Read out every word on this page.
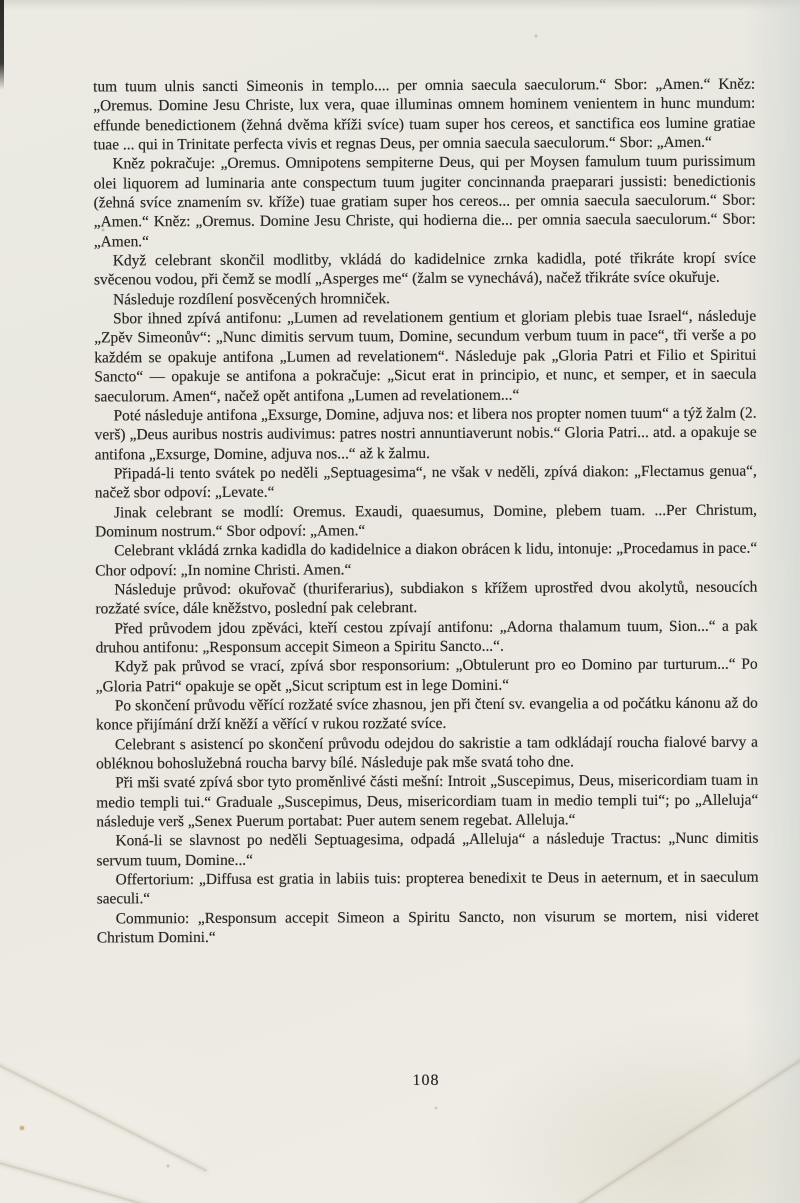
tum tuum ulnis sancti Simeonis in templo.... per omnia saecula saeculorum.“ Sbor: „Amen.“ Kněz: „Oremus. Domine Jesu Christe, lux vera, quae illuminas omnem hominem venientem in hunc mundum: effunde benedictionem (žehná dvěma kříži svíce) tuam super hos cereos, et sanctifica eos lumine gratiae tuae ... qui in Trinitate perfecta vivis et regnas Deus, per omnia saecula saeculorum.“ Sbor: „Amen.“

Kněz pokračuje: „Oremus. Omnipotens sempiterne Deus, qui per Moysen famulum tuum purissimum olei liquorem ad luminaria ante conspectum tuum jugiter concinnanda praeparari jussisti: benedictionis (žehná svíce znamením sv. kříže) tuae gratiam super hos cereos... per omnia saecula saeculorum.“ Sbor: „Amen.“ Kněz: „Oremus. Domine Jesu Christe, qui hodierna die... per omnia saecula saeculorum.“ Sbor: „Amen.“

Když celebrant skončil modlitby, vkládá do kadidelnice zrnka kadidla, poté třikráte kropí svíce svěcenou vodou, při čemž se modlí „Asperges me“ (žalm se vynechává), načež třikráte svíce okuřuje.

Následuje rozdílení posvěcených hromniček.

Sbor ihned zpívá antifonu: „Lumen ad revelationem gentium et gloriam plebis tuae Israel“, následuje „Zpěv Simeonův“: „Nunc dimitis servum tuum, Domine, secundum verbum tuum in pace“, tři verše a po každém se opakuje antifona „Lumen ad revelationem“. Následuje pak „Gloria Patri et Filio et Spiritui Sancto“ — opakuje se antifona a pokračuje: „Sicut erat in principio, et nunc, et semper, et in saecula saeculorum. Amen“, načež opět antifona „Lumen ad revelationem...“

Poté následuje antifona „Exsurge, Domine, adjuva nos: et libera nos propter nomen tuum“ a týž žalm (2. verš) „Deus auribus nostris audivimus: patres nostri annuntiaverunt nobis.“ Gloria Patri... atd. a opakuje se antifona „Exsurge, Domine, adjuva nos...“ až k žalmu.

Připadá-li tento svátek po neděli „Septuagesima“, ne však v neděli, zpívá diakon: „Flectamus genua“, načež sbor odpoví: „Levate.“

Jinak celebrant se modlí: Oremus. Exaudi, quaesumus, Domine, plebem tuam. ...Per Christum, Dominum nostrum.“ Sbor odpoví: „Amen.“

Celebrant vkládá zrnka kadidla do kadidelnice a diakon obrácen k lidu, intonuje: „Procedamus in pace.“ Chor odpoví: „In nomine Christi. Amen.“

Následuje průvod: okuřovač (thuriferarius), subdiakon s křížem uprostřed dvou akolytů, nesoucích rozžaté svíce, dále kněžstvo, poslední pak celebrant.

Před průvodem jdou zpěváci, kteří cestou zpívají antifonu: „Adorna thalamum tuum, Sion...“ a pak druhou antifonu: „Responsum accepit Simeon a Spiritu Sancto...“.

Když pak průvod se vrací, zpívá sbor responsorium: „Obtulerunt pro eo Domino par turturum...“ Po „Gloria Patri“ opakuje se opět „Sicut scriptum est in lege Domini.“

Po skončení průvodu věřící rozžaté svíce zhasnou, jen při čtení sv. evangelia a od počátku kánonu až do konce přijímání drží kněží a věřící v rukou rozžaté svíce.

Celebrant s asistencí po skončení průvodu odejdou do sakristie a tam odkládají roucha fialové barvy a obléknou bohoslužebná roucha barvy bílé. Následuje pak mše svatá toho dne.

Při mši svaté zpívá sbor tyto proměnlivé části mešní: Introit „Suscepimus, Deus, misericordiam tuam in medio templi tui.“ Graduale „Suscepimus, Deus, misericordiam tuam in medio templi tui“; po „Alleluja“ následuje verš „Senex Puerum portabat: Puer autem senem regebat. Alleluja.“

Koná-li se slavnost po neděli Septuagesima, odpadá „Alleluja“ a následuje Tractus: „Nunc dimitis servum tuum, Domine...“

Offertorium: „Diffusa est gratia in labiis tuis: propterea benedixit te Deus in aeternum, et in saeculum saeculi.“

Communio: „Responsum accepit Simeon a Spiritu Sancto, non visurum se mortem, nisi videret Christum Domini.“

108
